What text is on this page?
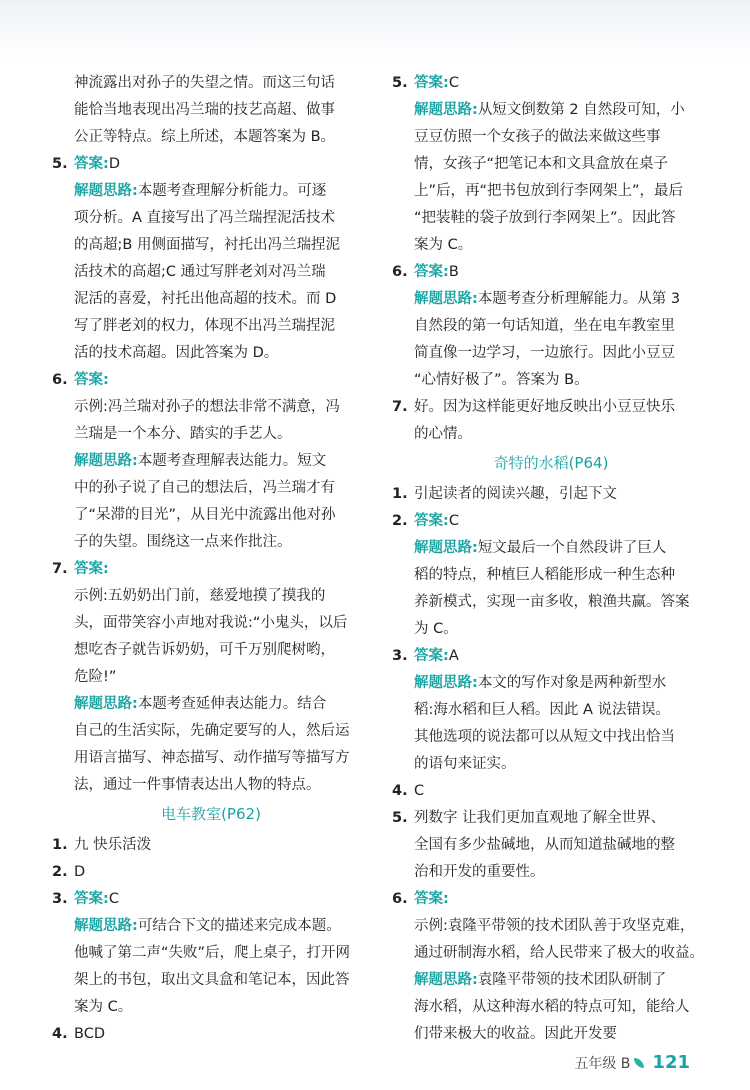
神流露出对孙子的失望之情。而这三句话
能恰当地表现出冯兰瑞的技艺高超、做事
公正等特点。综上所述，本题答案为 B。
5. 答案:D
解题思路:本题考查理解分析能力。可逐
项分析。A 直接写出了冯兰瑞捏泥活技术
的高超;B 用侧面描写，衬托出冯兰瑞捏泥
活技术的高超;C 通过写胖老刘对冯兰瑞
泥活的喜爱，衬托出他高超的技术。而 D
写了胖老刘的权力，体现不出冯兰瑞捏泥
活的技术高超。因此答案为 D。
6. 答案:
示例:冯兰瑞对孙子的想法非常不满意，冯
兰瑞是一个本分、踏实的手艺人。
解题思路:本题考查理解表达能力。短文
中的孙子说了自己的想法后，冯兰瑞才有
了“呆滞的目光”，从目光中流露出他对孙
子的失望。围绕这一点来作批注。
7. 答案:
示例:五奶奶出门前，慈爱地摸了摸我的
头，面带笑容小声地对我说:“小鬼头，以后
想吃杏子就告诉奶奶，可千万别爬树哟，
危险!”
解题思路:本题考查延伸表达能力。结合
自己的生活实际，先确定要写的人，然后运
用语言描写、神态描写、动作描写等描写方
法，通过一件事情表达出人物的特点。
电车教室(P62)
1. 九 快乐活泼
2. D
3. 答案:C
解题思路:可结合下文的描述来完成本题。
他喊了第二声“失败”后，爬上桌子，打开网
架上的书包，取出文具盒和笔记本，因此答
案为 C。
4. BCD
5. 答案:C
解题思路:从短文倒数第 2 自然段可知，小
豆豆仿照一个女孩子的做法来做这些事
情，女孩子“把笔记本和文具盒放在桌子
上”后，再“把书包放到行李网架上”，最后
“把装鞋的袋子放到行李网架上”。因此答
案为 C。
6. 答案:B
解题思路:本题考查分析理解能力。从第 3
自然段的第一句话知道，坐在电车教室里
简直像一边学习，一边旅行。因此小豆豆
“心情好极了”。答案为 B。
7. 好。因为这样能更好地反映出小豆豆快乐
的心情。
奇特的水稻(P64)
1. 引起读者的阅读兴趣，引起下文
2. 答案:C
解题思路:短文最后一个自然段讲了巨人
稻的特点，种植巨人稻能形成一种生态种
养新模式，实现一亩多收，粮渔共赢。答案
为 C。
3. 答案:A
解题思路:本文的写作对象是两种新型水
稻:海水稻和巨人稻。因此 A 说法错误。
其他选项的说法都可以从短文中找出恰当
的语句来证实。
4. C
5. 列数字 让我们更加直观地了解全世界、
全国有多少盐碱地，从而知道盐碱地的整
治和开发的重要性。
6. 答案:
示例:袁隆平带领的技术团队善于攻坚克难，
通过研制海水稻，给人民带来了极大的收益。
解题思路:袁隆平带领的技术团队研制了
海水稻，从这种海水稻的特点可知，能给人
们带来极大的收益。因此开发要
五年级 B 121
